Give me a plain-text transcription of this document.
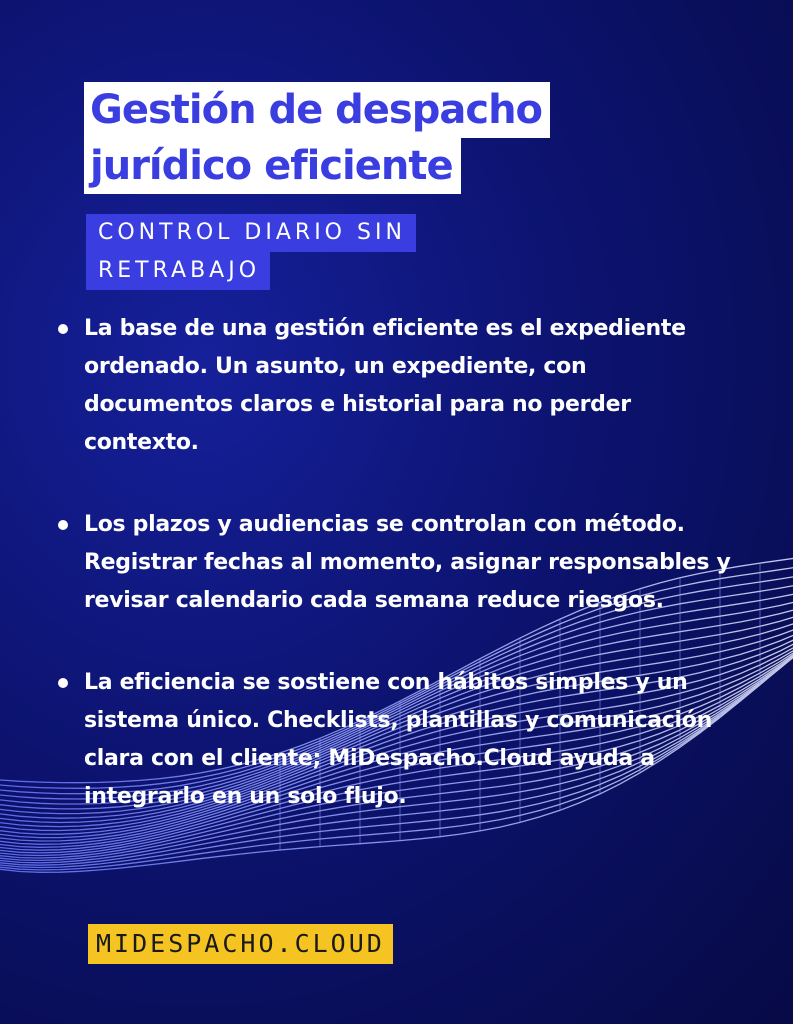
Gestión de despacho
jurídico eficiente
CONTROL DIARIO SIN
RETRABAJO
La base de una gestión eficiente es el expediente ordenado. Un asunto, un expediente, con documentos claros e historial para no perder contexto.
Los plazos y audiencias se controlan con método. Registrar fechas al momento, asignar responsables y revisar calendario cada semana reduce riesgos.
La eficiencia se sostiene con hábitos simples y un sistema único. Checklists, plantillas y comunicación clara con el cliente; MiDespacho.Cloud ayuda a integrarlo en un solo flujo.
MIDESPACHO.CLOUD
